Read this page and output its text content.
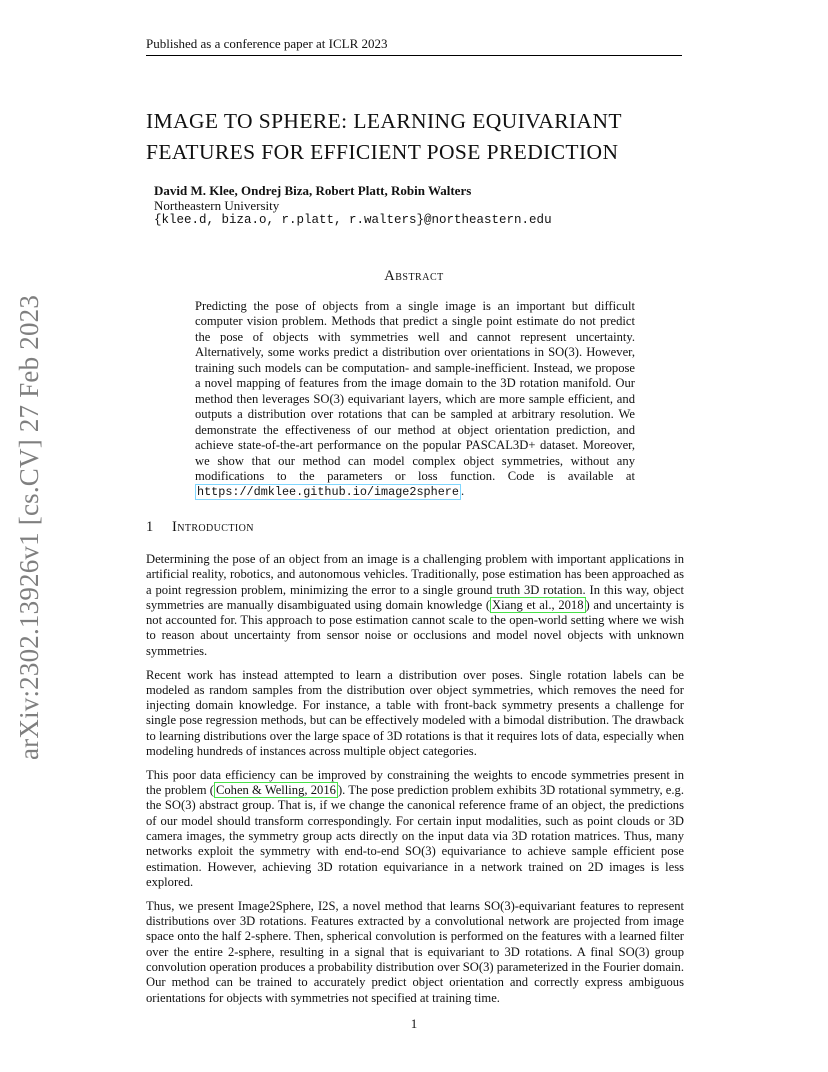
Published as a conference paper at ICLR 2023
arXiv:2302.13926v1 [cs.CV] 27 Feb 2023
IMAGE TO SPHERE: LEARNING EQUIVARIANT
FEATURES FOR EFFICIENT POSE PREDICTION
David M. Klee, Ondrej Biza, Robert Platt, Robin Walters
Northeastern University
{klee.d, biza.o, r.platt, r.walters}@northeastern.edu
Abstract
Predicting the pose of objects from a single image is an important but difficult computer vision problem. Methods that predict a single point estimate do not predict the pose of objects with symmetries well and cannot represent uncertainty. Alternatively, some works predict a distribution over orientations in SO(3). However, training such models can be computation- and sample-inefficient. Instead, we propose a novel mapping of features from the image domain to the 3D rotation manifold. Our method then leverages SO(3) equivariant layers, which are more sample efficient, and outputs a distribution over rotations that can be sampled at arbitrary resolution. We demonstrate the effectiveness of our method at object orientation prediction, and achieve state-of-the-art performance on the popular PASCAL3D+ dataset. Moreover, we show that our method can model complex object symmetries, without any modifications to the parameters or loss function. Code is available at https://dmklee.github.io/image2sphere .
1 Introduction

Determining the pose of an object from an image is a challenging problem with important applications in artificial reality, robotics, and autonomous vehicles. Traditionally, pose estimation has been approached as a point regression problem, minimizing the error to a single ground truth 3D rotation. In this way, object symmetries are manually disambiguated using domain knowledge ( Xiang et al., 2018 ) and uncertainty is not accounted for. This approach to pose estimation cannot scale to the open-world setting where we wish to reason about uncertainty from sensor noise or occlusions and model novel objects with unknown symmetries.

Recent work has instead attempted to learn a distribution over poses. Single rotation labels can be modeled as random samples from the distribution over object symmetries, which removes the need for injecting domain knowledge. For instance, a table with front-back symmetry presents a challenge for single pose regression methods, but can be effectively modeled with a bimodal distribution. The drawback to learning distributions over the large space of 3D rotations is that it requires lots of data, especially when modeling hundreds of instances across multiple object categories.

This poor data efficiency can be improved by constraining the weights to encode symmetries present in the problem ( Cohen & Welling, 2016 ). The pose prediction problem exhibits 3D rotational symmetry, e.g. the SO(3) abstract group. That is, if we change the canonical reference frame of an object, the predictions of our model should transform correspondingly. For certain input modalities, such as point clouds or 3D camera images, the symmetry group acts directly on the input data via 3D rotation matrices. Thus, many networks exploit the symmetry with end-to-end SO(3) equivariance to achieve sample efficient pose estimation. However, achieving 3D rotation equivariance in a network trained on 2D images is less explored.

Thus, we present Image2Sphere, I2S, a novel method that learns SO(3)-equivariant features to represent distributions over 3D rotations. Features extracted by a convolutional network are projected from image space onto the half 2-sphere. Then, spherical convolution is performed on the features with a learned filter over the entire 2-sphere, resulting in a signal that is equivariant to 3D rotations. A final SO(3) group convolution operation produces a probability distribution over SO(3) parameterized in the Fourier domain. Our method can be trained to accurately predict object orientation and correctly express ambiguous orientations for objects with symmetries not specified at training time.

1
